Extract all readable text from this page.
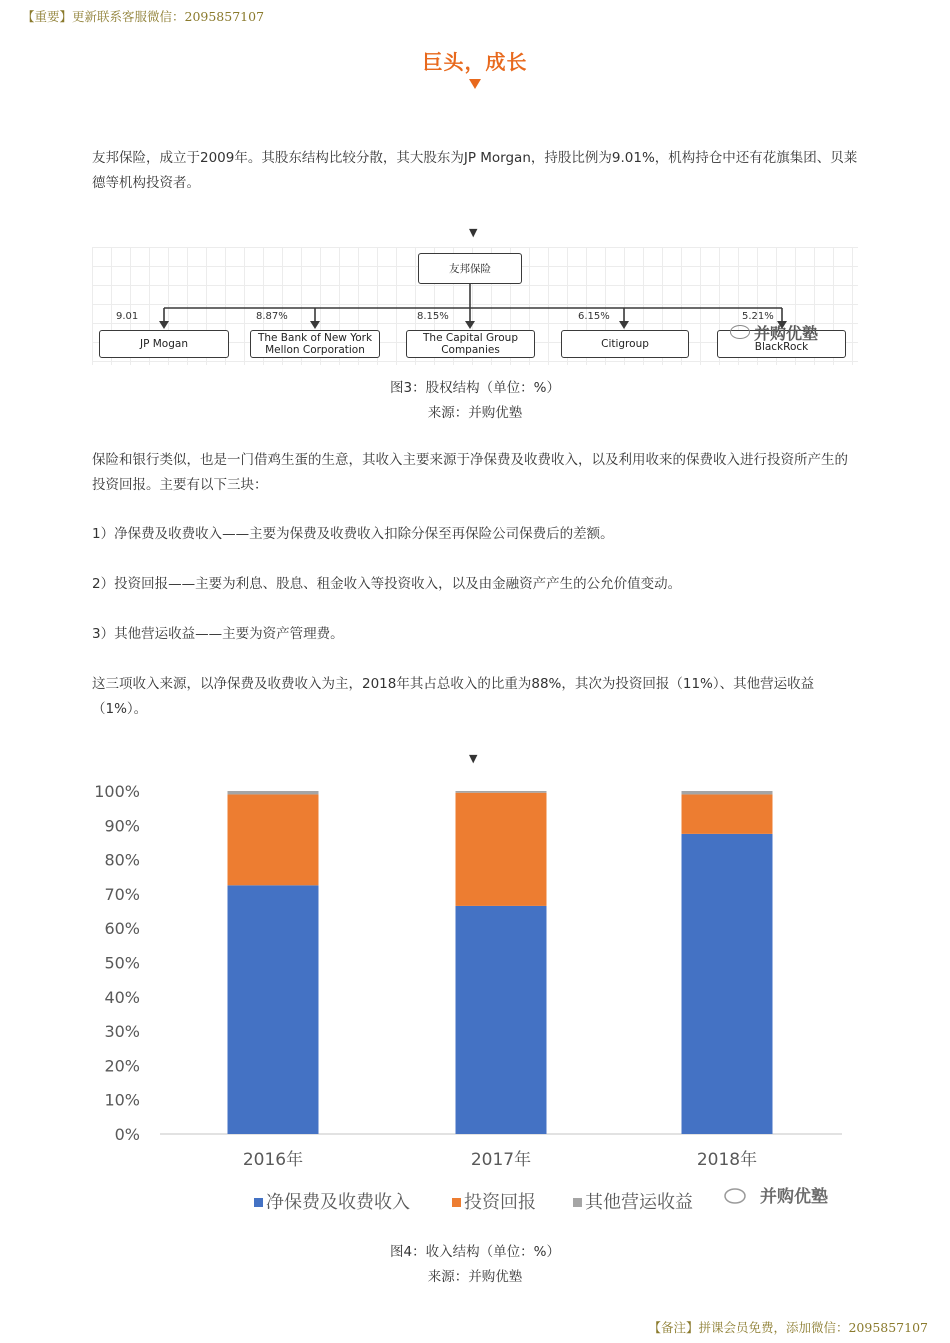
【重要】更新联系客服微信：2095857107
巨头，成长

友邦保险，成立于2009年。其股东结构比较分散，其大股东为JP Morgan，持股比例为9.01%，机构持仓中还有花旗集团、贝莱德等机构投资者。

▼
友邦保险
9.01	8.87%	8.15%	6.15%	5.21%
JP Mogan	The Bank of New York Mellon Corporation
The Capital Group Companies	Citigroup	BlackRock
并购优塾
图3：股权结构（单位：%）
来源：并购优塾

保险和银行类似，也是一门借鸡生蛋的生意，其收入主要来源于净保费及收费收入，以及利用收来的保费收入进行投资所产生的投资回报。主要有以下三块：

1）净保费及收费收入——主要为保费及收费收入扣除分保至再保险公司保费后的差额。

2）投资回报——主要为利息、股息、租金收入等投资收入，以及由金融资产产生的公允价值变动。

3）其他营运收益——主要为资产管理费。

这三项收入来源，以净保费及收费收入为主，2018年其占总收入的比重为88%，其次为投资回报（11%）、其他营运收益（1%）。

▼
0%
10%
20%
30%
40%
50%
60%
70%
80%
90%
100%
2016年	2017年	2018年
净保费及收费收入	投资回报	其他营运收益	并购优塾
图4：收入结构（单位：%）
来源：并购优塾
【备注】拼课会员免费，添加微信：2095857107
